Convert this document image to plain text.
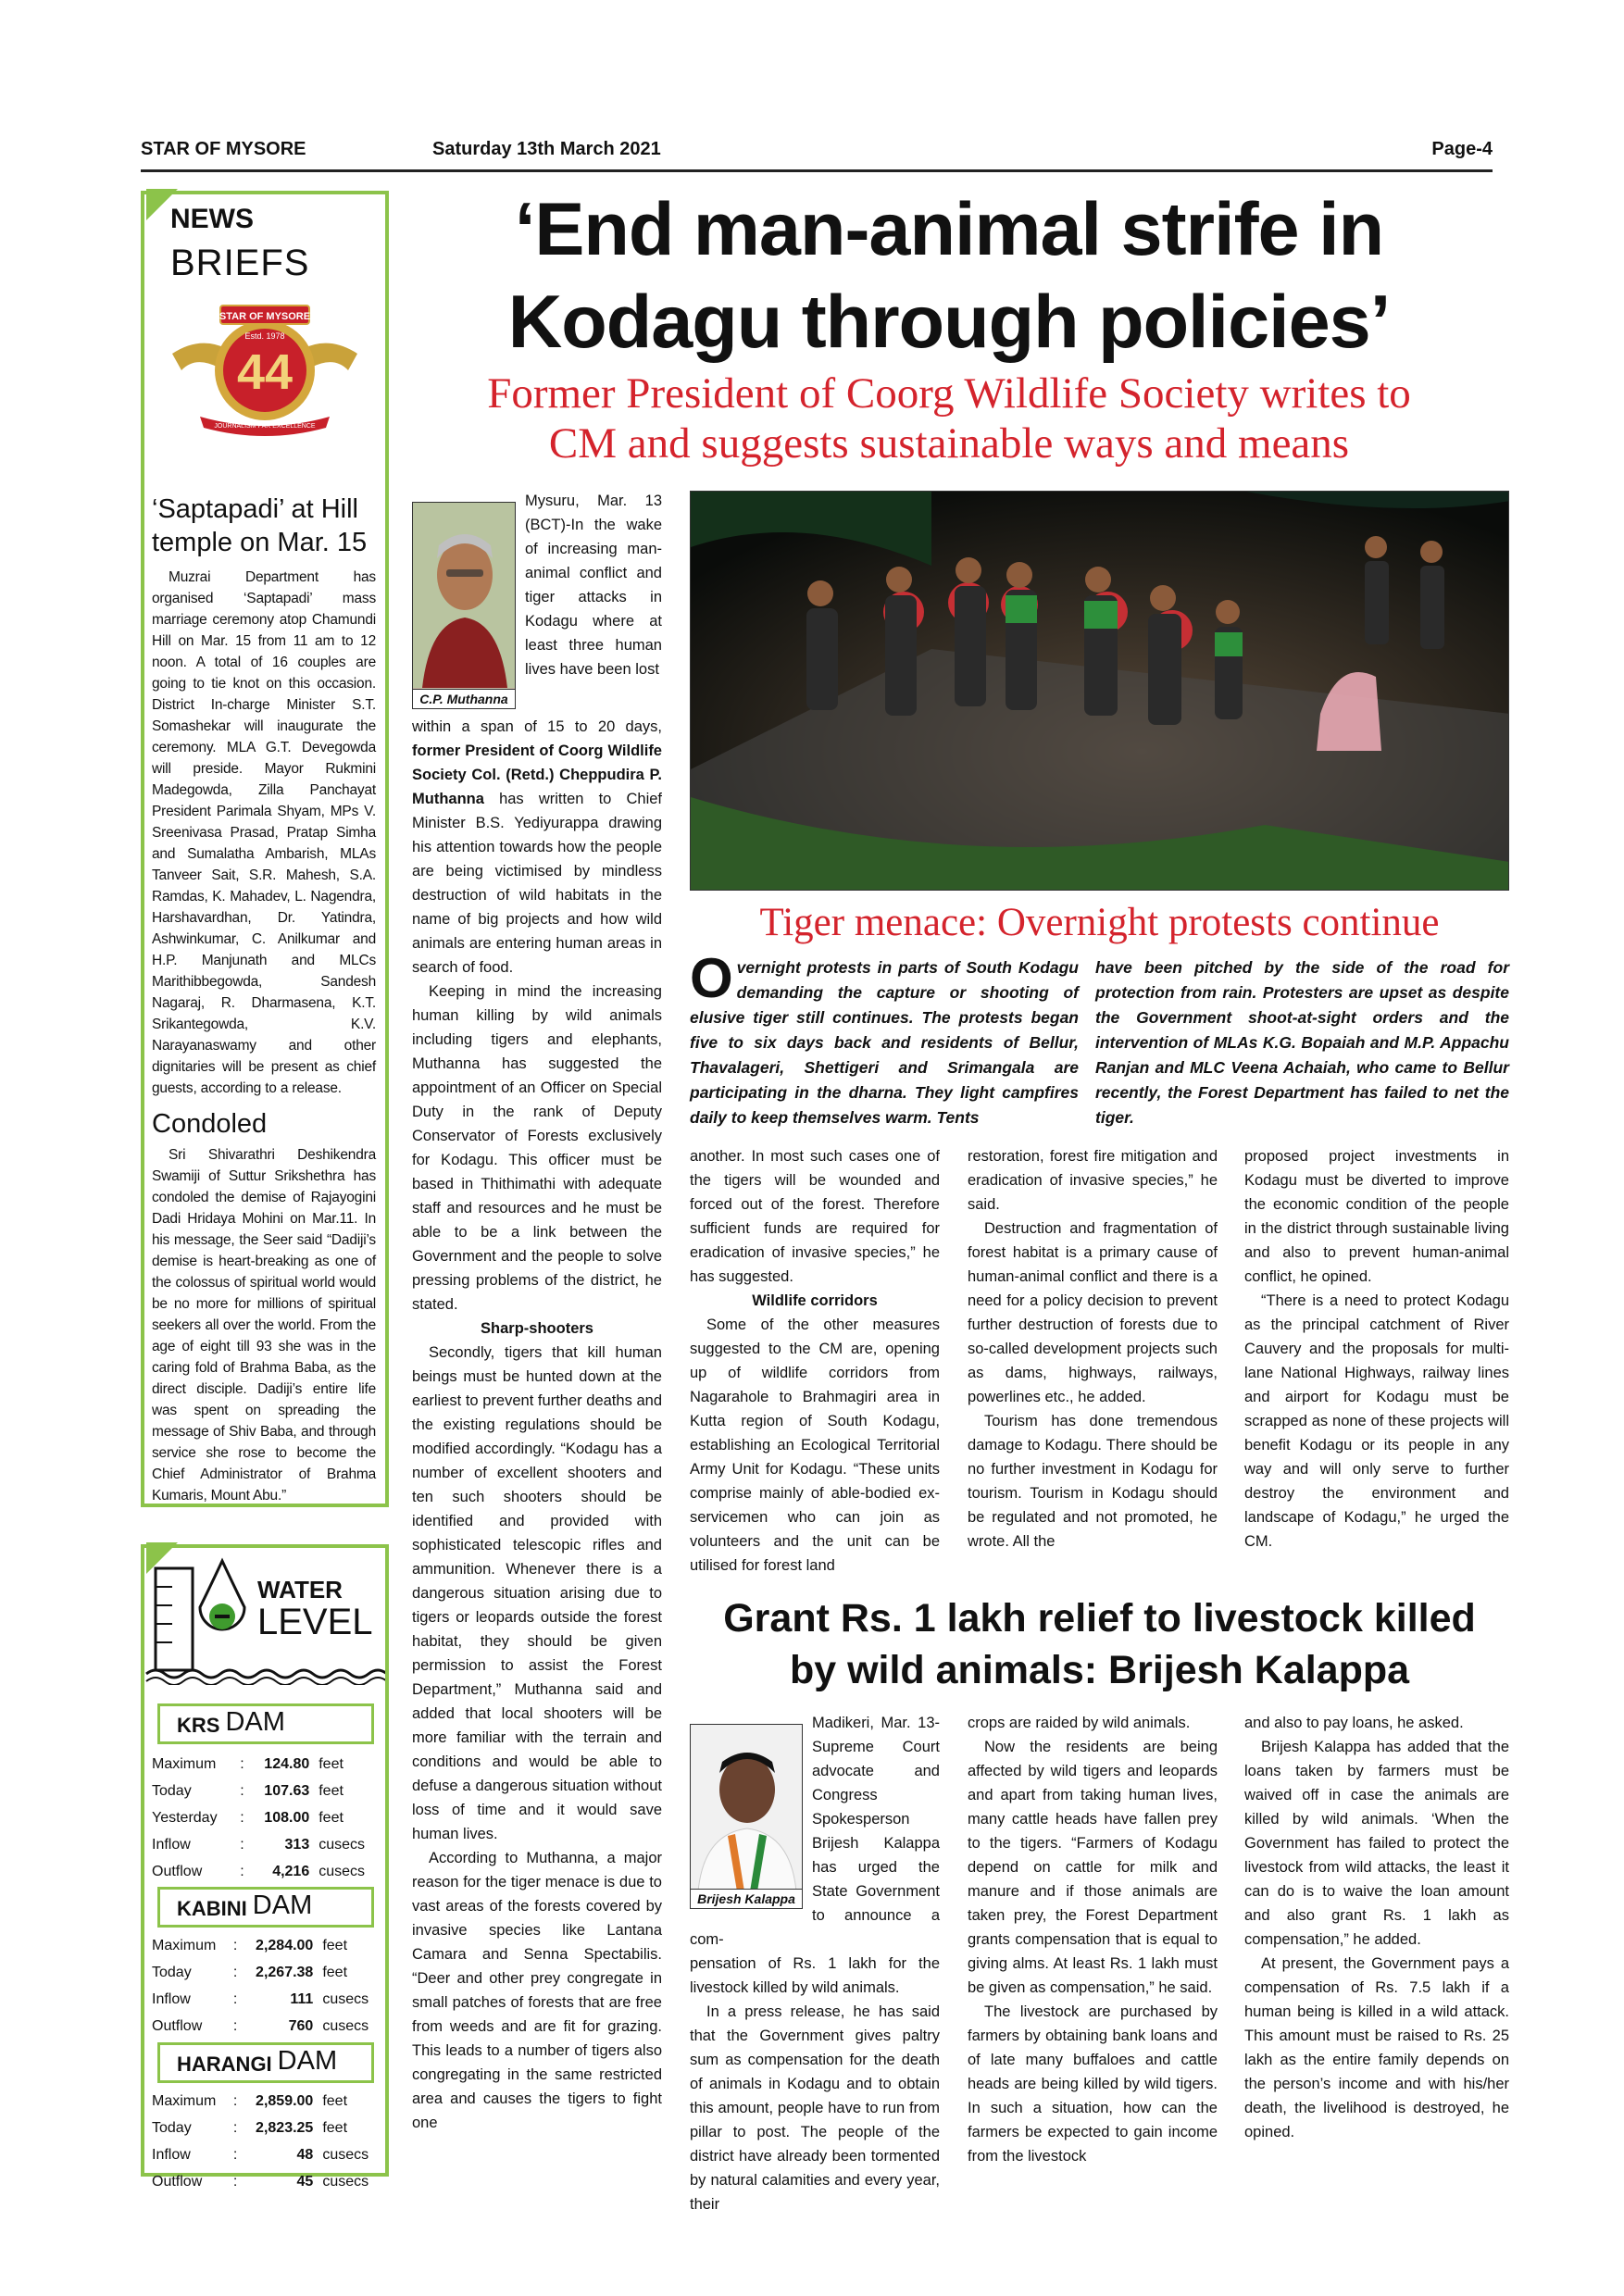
STAR OF MYSORE	Saturday 13th March 2021	Page-4
‘End man-animal strife in
Kodagu through policies’
Former President of Coorg Wildlife Society writes to
CM and suggests sustainable ways and means
NEWS
BRIEFS
44
STAR OF MYSORE
Estd. 1978
JOURNALISM PAR EXCELLENCE
‘Saptapadi’ at Hill temple on Mar. 15

Muzrai Department has organised ‘Saptapadi’ mass marriage ceremony atop Chamundi Hill on Mar. 15 from 11 am to 12 noon. A total of 16 couples are going to tie knot on this occasion. District In-charge Minister S.T. Somashekar will inaugurate the ceremony. MLA G.T. Devegowda will preside. Mayor Rukmini Madegowda, Zilla Panchayat President Parimala Shyam, MPs V. Sreenivasa Prasad, Pratap Simha and Sumalatha Ambarish, MLAs Tanveer Sait, S.R. Mahesh, S.A. Ramdas, K. Mahadev, L. Nagendra, Harshavardhan, Dr. Yatindra, Ashwinkumar, C. Anilkumar and H.P. Manjunath and MLCs Marithibbegowda, Sandesh Nagaraj, R. Dharmasena, K.T. Srikantegowda, K.V. Narayanaswamy and other dignitaries will be present as chief guests, according to a release.

Condoled

Sri Shivarathri Deshikendra Swamiji of Suttur Srikshethra has condoled the demise of Rajayogini Dadi Hridaya Mohini on Mar.11. In his message, the Seer said “Dadiji’s demise is heart-breaking as one of the colossus of spiritual world would be no more for millions of spiritual seekers all over the world. From the age of eight till 93 she was in the caring fold of Brahma Baba, as the direct disciple. Dadiji’s entire life was spent on spreading the message of Shiv Baba, and through service she rose to become the Chief Administrator of Brahma Kumaris, Mount Abu.”

WATER
LEVEL
KRS DAM
Maximum	:	124.80	feet
Today	:	107.63	feet
Yesterday	:	108.00	feet
Inflow	:	313	cusecs
Outflow	:	4,216	cusecs
KABINI DAM
Maximum	:	2,284.00	feet
Today	:	2,267.38	feet
Inflow	:	111	cusecs
Outflow	:	760	cusecs
HARANGI DAM
Maximum	:	2,859.00	feet
Today	:	2,823.25	feet
Inflow	:	48	cusecs
Outflow	:	45	cusecs
C.P. Muthanna

Mysuru, Mar. 13 (BCT)-In the wake of increasing man-animal conflict and tiger attacks in Kodagu where at least three human lives have been lost

within a span of 15 to 20 days, former President of Coorg Wildlife Society Col. (Retd.) Cheppudira P. Muthanna has written to Chief Minister B.S. Yediyurappa drawing his attention towards how the people are being victimised by mindless destruction of wild habitats in the name of big projects and how wild animals are entering human areas in search of food.

Keeping in mind the increasing human killing by wild animals including tigers and elephants, Muthanna has suggested the appointment of an Officer on Special Duty in the rank of Deputy Conservator of Forests exclusively for Kodagu. This officer must be based in Thithimathi with adequate staff and resources and he must be able to be a link between the Government and the people to solve pressing problems of the district, he stated.

Sharp-shooters

Secondly, tigers that kill human beings must be hunted down at the earliest to prevent further deaths and the existing regulations should be modified accordingly. “Kodagu has a number of excellent shooters and ten such shooters should be identified and provided with sophisticated telescopic rifles and ammunition. Whenever there is a dangerous situation arising due to tigers or leopards outside the forest habitat, they should be given permission to assist the Forest Department,” Muthanna said and added that local shooters will be more familiar with the terrain and conditions and would be able to defuse a dangerous situation without loss of time and it would save human lives.

According to Muthanna, a major reason for the tiger menace is due to vast areas of the forests covered by invasive species like Lantana Camara and Senna Spectabilis. “Deer and other prey congregate in small patches of forests that are free from weeds and are fit for grazing. This leads to a number of tigers also congregating in the same restricted area and causes the tigers to fight one

Tiger menace: Overnight protests continue
Overnight protests in parts of South Kodagu demanding the capture or shooting of elusive tiger still continues. The protests began five to six days back and residents of Bellur, Thavalageri, Shettigeri and Srimangala are participating in the dharna. They light campfires daily to keep themselves warm. Tents
have been pitched by the side of the road for protection from rain. Protesters are upset as despite the Government shoot-at-sight orders and the intervention of MLAs K.G. Bopaiah and M.P. Appachu Ranjan and MLC Veena Achaiah, who came to Bellur recently, the Forest Department has failed to net the tiger.

another. In most such cases one of the tigers will be wounded and forced out of the forest. Therefore sufficient funds are required for eradication of invasive species,” he has suggested.

Wildlife corridors

Some of the other measures suggested to the CM are, opening up of wildlife corridors from Nagarahole to Brahmagiri area in Kutta region of South Kodagu, establishing an Ecological Territorial Army Unit for Kodagu. “These units comprise mainly of able-bodied ex-servicemen who can join as volunteers and the unit can be utilised for forest land

restoration, forest fire mitigation and eradication of invasive species,” he said.

Destruction and fragmentation of forest habitat is a primary cause of human-animal conflict and there is a need for a policy decision to prevent further destruction of forests due to so-called development projects such as dams, highways, railways, powerlines etc., he added.

Tourism has done tremendous damage to Kodagu. There should be no further investment in Kodagu for tourism. Tourism in Kodagu should be regulated and not promoted, he wrote. All the

proposed project investments in Kodagu must be diverted to improve the economic condition of the people in the district through sustainable living and also to prevent human-animal conflict, he opined.

“There is a need to protect Kodagu as the principal catchment of River Cauvery and the proposals for multi-lane National Highways, railway lines and airport for Kodagu must be scrapped as none of these projects will benefit Kodagu or its people in any way and will only serve to further destroy the environment and landscape of Kodagu,” he urged the CM.

Grant Rs. 1 lakh relief to livestock killed
by wild animals: Brijesh Kalappa
Brijesh Kalappa

Madikeri, Mar. 13- Supreme Court advocate and Congress Spokesperson Brijesh Kalappa has urged the State Government to announce a com-

pensation of Rs. 1 lakh for the livestock killed by wild animals.

In a press release, he has said that the Government gives paltry sum as compensation for the death of animals in Kodagu and to obtain this amount, people have to run from pillar to post. The people of the district have already been tormented by natural calamities and every year, their

crops are raided by wild animals.

Now the residents are being affected by wild tigers and leopards and apart from taking human lives, many cattle heads have fallen prey to the tigers. “Farmers of Kodagu depend on cattle for milk and manure and if those animals are taken prey, the Forest Department grants compensation that is equal to giving alms. At least Rs. 1 lakh must be given as compensation,” he said.

The livestock are purchased by farmers by obtaining bank loans and of late many buffaloes and cattle heads are being killed by wild tigers. In such a situation, how can the farmers be expected to gain income from the livestock

and also to pay loans, he asked.

Brijesh Kalappa has added that the loans taken by farmers must be waived off in case the animals are killed by wild animals. ‘When the Government has failed to protect the livestock from wild attacks, the least it can do is to waive the loan amount and also grant Rs. 1 lakh as compensation,” he added.

At present, the Government pays a compensation of Rs. 7.5 lakh if a human being is killed in a wild attack. This amount must be raised to Rs. 25 lakh as the entire family depends on the person’s income and with his/her death, the livelihood is destroyed, he opined.
